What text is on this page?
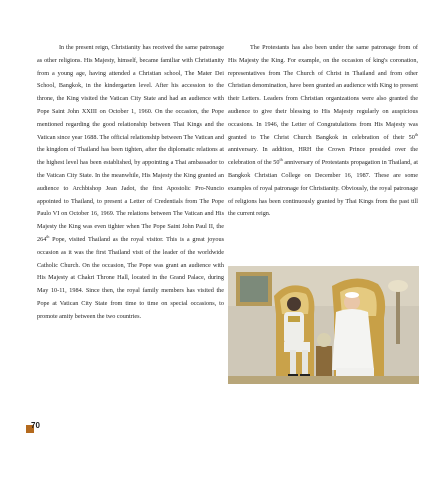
In the present reign, Christianity has received the same patronage as other religions. His Majesty, himself, became familiar with Christianity from a young age, having attended a Christian school, The Mater Dei School, Bangkok, in the kindergarten level. After his accession to the throne, the King visited the Vatican City State and had an audience with Pope Saint John XXIII on October 1, 1960. On the occasion, the Pope mentioned regarding the good relationship between Thai Kings and the Vatican since year 1688. The official relationship between The Vatican and the kingdom of Thailand has been tighten, after the diplomatic relations at the highest level has been established, by appointing a Thai ambassador to the Vatican City State. In the meanwhile, His Majesty the King granted an audience to Archbishop Jean Jadot, the first Apostolic Pro-Nuncio appointed to Thailand, to present a Letter of Credentials from The Pope Paulo VI on October 16, 1969. The relations between The Vatican and His Majesty the King was even tighter when The Pope Saint John Paul II, the 264th Pope, visited Thailand as the royal visitor. This is a great joyous occasion as it was the first Thailand visit of the leader of the worldwide Catholic Church. On the occasion, The Pope was grant an audience with His Majesty at Chakri Throne Hall, located in the Grand Palace, during May 10-11, 1984. Since then, the royal family members has visited the Pope at Vatican City State from time to time on special occasions, to promote amity between the two countries.

The Protestants has also been under the same patronage from of His Majesty the King. For example, on the occasion of king's coronation, representatives from The Church of Christ in Thailand and from other Christian denomination, have been granted an audience with King to present their Letters. Leaders from Christian organizations were also granted the audience to give their blessing to His Majesty regularly on auspicious occasions. In 1946, the Letter of Congratulations from His Majesty was granted to The Christ Church Bangkok in celebration of their 50th anniversary. In addition, HRH the Crown Prince presided over the celebration of the 50th anniversary of Protestants propagation in Thailand, at Bangkok Christian College on December 16, 1987. These are some examples of royal patronage for Christianity. Obviously, the royal patronage of religions has been continuously granted by Thai Kings from the past till the current reign.

70
